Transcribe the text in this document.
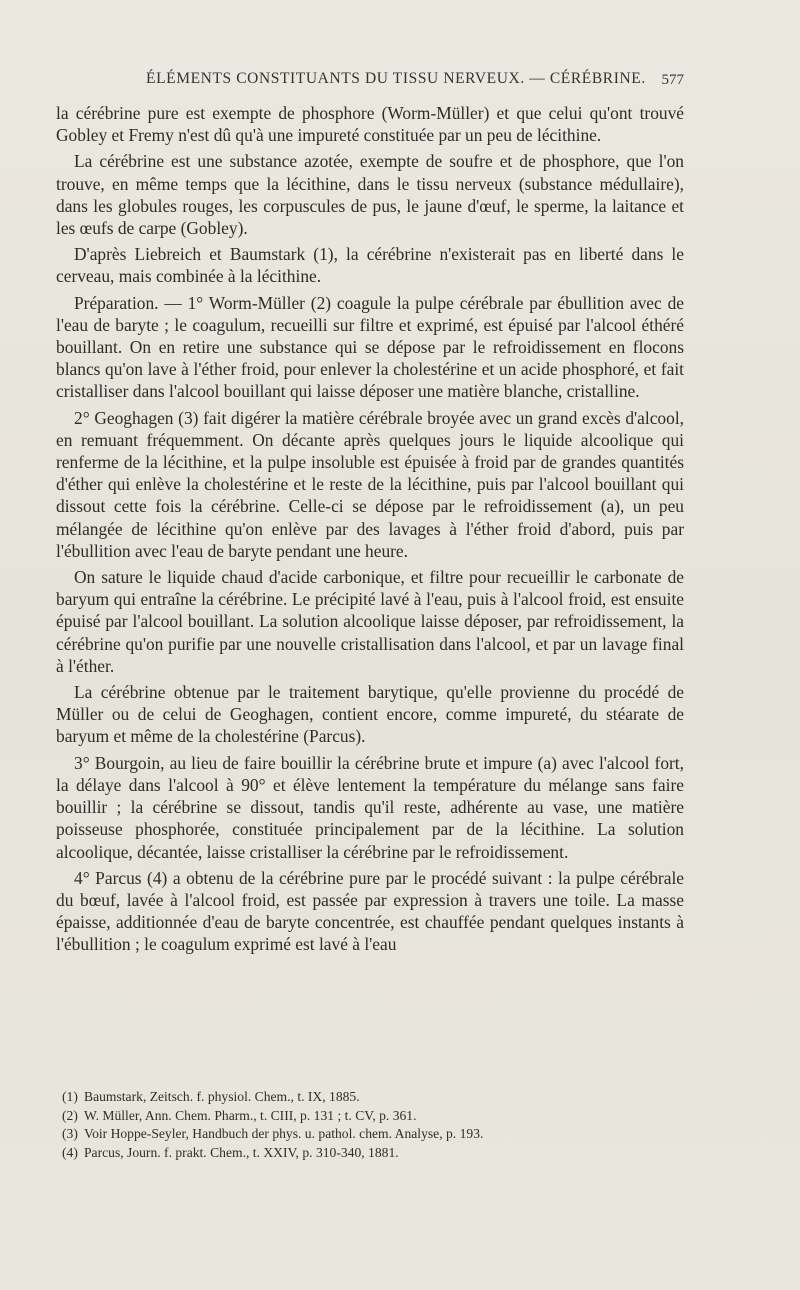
ÉLÉMENTS CONSTITUANTS DU TISSU NERVEUX. — CÉRÉBRINE. 577

la cérébrine pure est exempte de phosphore (Worm-Müller) et que celui qu'ont trouvé Gobley et Fremy n'est dû qu'à une impureté constituée par un peu de lécithine.

La cérébrine est une substance azotée, exempte de soufre et de phosphore, que l'on trouve, en même temps que la lécithine, dans le tissu nerveux (substance médullaire), dans les globules rouges, les corpuscules de pus, le jaune d'œuf, le sperme, la laitance et les œufs de carpe (Gobley).

D'après Liebreich et Baumstark (1), la cérébrine n'existerait pas en liberté dans le cerveau, mais combinée à la lécithine.

Préparation. — 1° Worm-Müller (2) coagule la pulpe cérébrale par ébullition avec de l'eau de baryte ; le coagulum, recueilli sur filtre et exprimé, est épuisé par l'alcool éthéré bouillant. On en retire une substance qui se dépose par le refroidissement en flocons blancs qu'on lave à l'éther froid, pour enlever la cholestérine et un acide phosphoré, et fait cristalliser dans l'alcool bouillant qui laisse déposer une matière blanche, cristalline.

2° Geoghagen (3) fait digérer la matière cérébrale broyée avec un grand excès d'alcool, en remuant fréquemment. On décante après quelques jours le liquide alcoolique qui renferme de la lécithine, et la pulpe insoluble est épuisée à froid par de grandes quantités d'éther qui enlève la cholestérine et le reste de la lécithine, puis par l'alcool bouillant qui dissout cette fois la cérébrine. Celle-ci se dépose par le refroidissement (a), un peu mélangée de lécithine qu'on enlève par des lavages à l'éther froid d'abord, puis par l'ébullition avec l'eau de baryte pendant une heure.

On sature le liquide chaud d'acide carbonique, et filtre pour recueillir le carbonate de baryum qui entraîne la cérébrine. Le précipité lavé à l'eau, puis à l'alcool froid, est ensuite épuisé par l'alcool bouillant. La solution alcoolique laisse déposer, par refroidissement, la cérébrine qu'on purifie par une nouvelle cristallisation dans l'alcool, et par un lavage final à l'éther.

La cérébrine obtenue par le traitement barytique, qu'elle provienne du procédé de Müller ou de celui de Geoghagen, contient encore, comme impureté, du stéarate de baryum et même de la cholestérine (Parcus).

3° Bourgoin, au lieu de faire bouillir la cérébrine brute et impure (a) avec l'alcool fort, la délaye dans l'alcool à 90° et élève lentement la température du mélange sans faire bouillir ; la cérébrine se dissout, tandis qu'il reste, adhérente au vase, une matière poisseuse phosphorée, constituée principalement par de la lécithine. La solution alcoolique, décantée, laisse cristalliser la cérébrine par le refroidissement.

4° Parcus (4) a obtenu de la cérébrine pure par le procédé suivant : la pulpe cérébrale du bœuf, lavée à l'alcool froid, est passée par expression à travers une toile. La masse épaisse, additionnée d'eau de baryte concentrée, est chauffée pendant quelques instants à l'ébullition ; le coagulum exprimé est lavé à l'eau

(1) Baumstark, Zeitsch. f. physiol. Chem., t. IX, 1885.

(2) W. Müller, Ann. Chem. Pharm., t. CIII, p. 131 ; t. CV, p. 361.

(3) Voir Hoppe-Seyler, Handbuch der phys. u. pathol. chem. Analyse, p. 193.

(4) Parcus, Journ. f. prakt. Chem., t. XXIV, p. 310-340, 1881.
